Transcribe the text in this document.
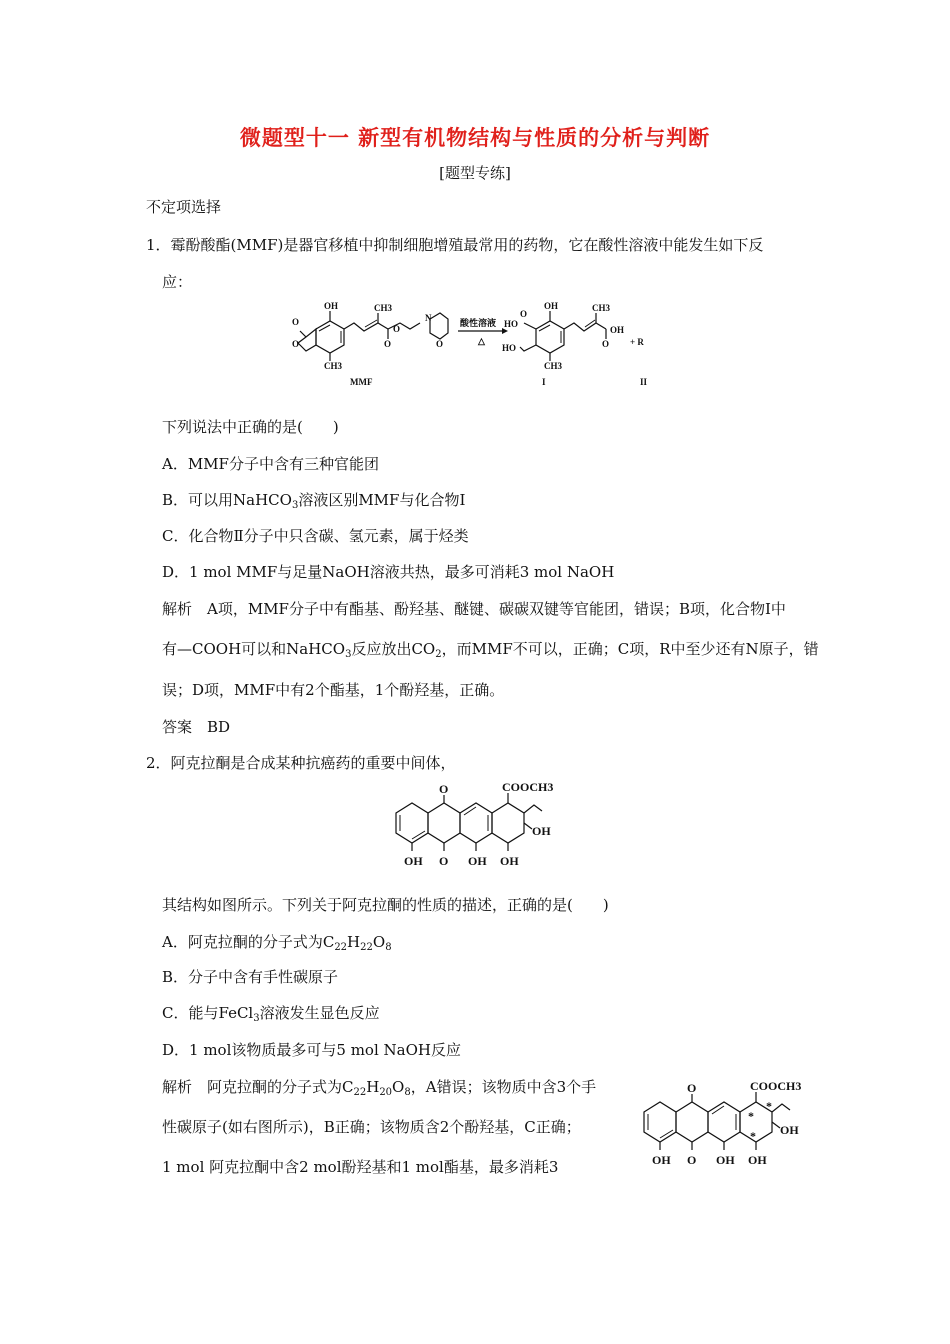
微题型十一 新型有机物结构与性质的分析与判断
[题型专练]
不定项选择
1．霉酚酸酯(MMF)是器官移植中抑制细胞增殖最常用的药物，它在酸性溶液中能发生如下反
应：
O
O
OH
CH3
CH3
O
O
N
O
酸性溶液
△
OH
HO
O
HO
CH3
CH3
O
OH
+ R
MMF	I	II
下列说法中正确的是(　　)
A．MMF分子中含有三种官能团
B．可以用NaHCO$_3$溶液区别MMF与化合物Ⅰ
C．化合物Ⅱ分子中只含碳、氢元素，属于烃类
D．1 mol MMF与足量NaOH溶液共热，最多可消耗3 mol NaOH
解析　A项，MMF分子中有酯基、酚羟基、醚键、碳碳双键等官能团，错误；B项，化合物Ⅰ中
有—COOH可以和NaHCO$_3$反应放出$CO_2$，而MMF不可以，正确；C项，R中至少还有N原子，错
误；D项，MMF中有2个酯基，1个酚羟基，正确。
答案　BD
2．阿克拉酮是合成某种抗癌药的重要中间体，
O
O
OH	OH OH
COOCH3
OH
其结构如图所示。下列关于阿克拉酮的性质的描述，正确的是(　　)
A．阿克拉酮的分子式为$C_{22}H_{22}O_8$
B．分子中含有手性碳原子
C．能与FeCl$_3$溶液发生显色反应
D．1 mol该物质最多可与5 mol NaOH反应
解析　阿克拉酮的分子式为$C_{22}H_{20}O_8$，A错误；该物质中含3个手
性碳原子(如右图所示)，B正确；该物质含2个酚羟基，C正确；
1 mol 阿克拉酮中含2 mol酚羟基和1 mol酯基，最多消耗3
O
O
OH	OH OH
COOCH3
OH
*
*
*
